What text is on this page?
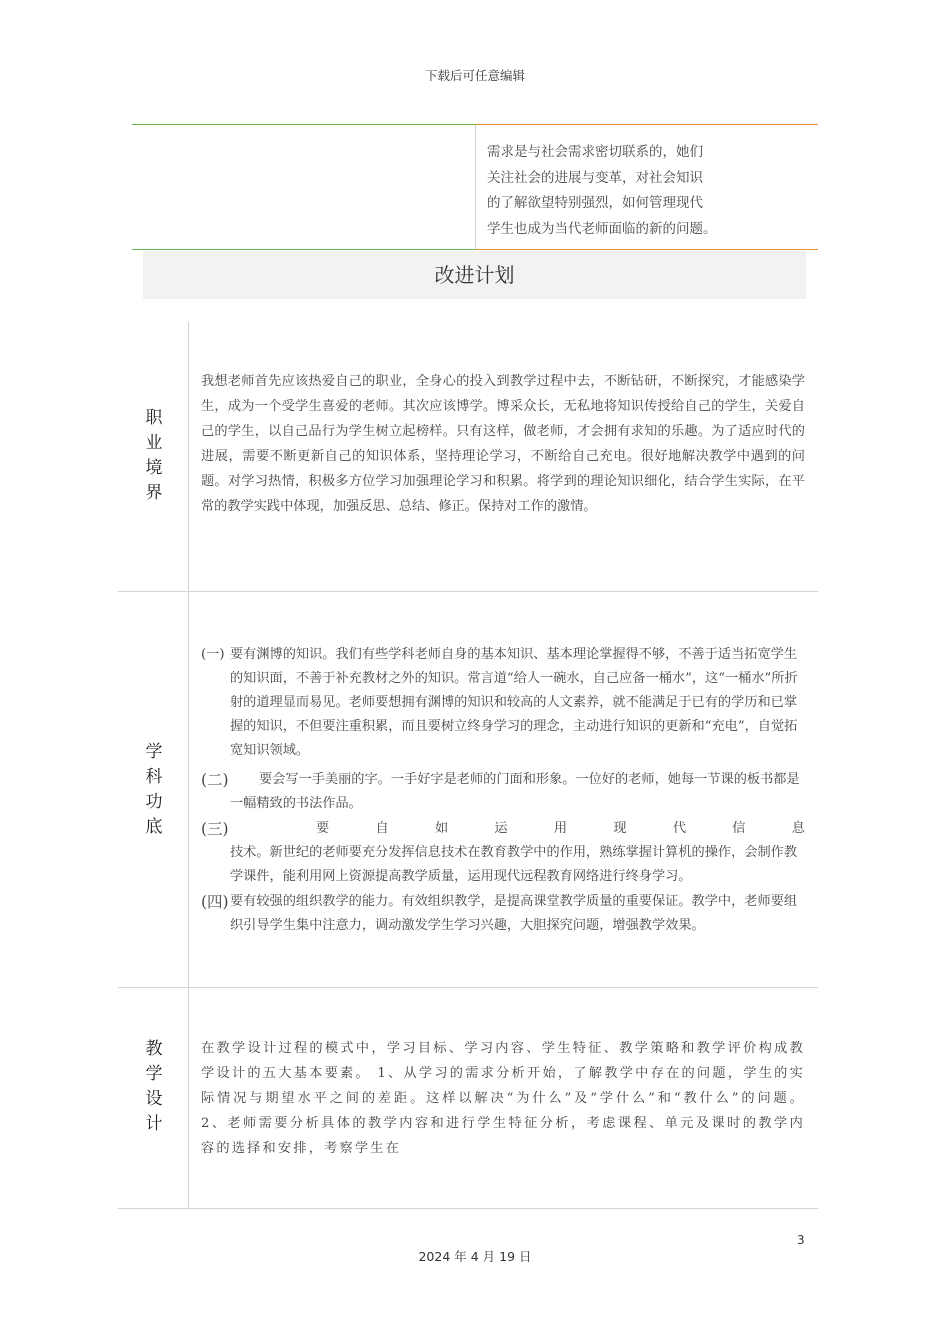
下载后可任意编辑
需求是与社会需求密切联系的，她们
关注社会的进展与变革，对社会知识
的了解欲望特别强烈，如何管理现代
学生也成为当代老师面临的新的问题。
改进计划
职
业
境
界
我想老师首先应该热爱自己的职业，全身心的投入到教学过程中去，不断钻研，不断探究，才能感染学生，成为一个受学生喜爱的老师。其次应该博学。博采众长，无私地将知识传授给自己的学生，关爱自己的学生，以自己品行为学生树立起榜样。只有这样，做老师，才会拥有求知的乐趣。为了适应时代的进展，需要不断更新自己的知识体系，坚持理论学习，不断给自己充电。很好地解决教学中遇到的问题。对学习热情，积极多方位学习加强理论学习和积累。将学到的理论知识细化，结合学生实际，在平常的教学实践中体现，加强反思、总结、修正。保持对工作的激情。
学
科
功
底
(一) 要有渊博的知识。我们有些学科老师自身的基本知识、基本理论掌握得不够，不善于适当拓宽学生的知识面，不善于补充教材之外的知识。常言道“给人一碗水，自己应备一桶水”，这“一桶水”所折射的道理显而易见。老师要想拥有渊博的知识和较高的人文素养，就不能满足于已有的学历和已掌握的知识，不但要注重积累，而且要树立终身学习的理念，主动进行知识的更新和“充电”，自觉拓宽知识领域。
(二)	要会写一手美丽的字。一手好字是老师的门面和形象。一位好的老师，她每一节课的板书都是一幅精致的书法作品。
(三)	要	自	如	运	用	现	代	信	息
技术。新世纪的老师要充分发挥信息技术在教育教学中的作用，熟练掌握计算机的操作，会制作教学课件，能利用网上资源提高教学质量，运用现代远程教育网络进行终身学习。
(四) 要有较强的组织教学的能力。有效组织教学，是提高课堂教学质量的重要保证。教学中，老师要组织引导学生集中注意力，调动激发学生学习兴趣，大胆探究问题，增强教学效果。
教
学
设
计
在教学设计过程的模式中，学习目标、学习内容、学生特征、教学策略和教学评价构成教学设计的五大基本要素。 1、从学习的需求分析开始，了解教学中存在的问题，学生的实际情况与期望水平之间的差距。这样以解决“为什么”及“学什么”和“教什么”的问题。 2、老师需要分析具体的教学内容和进行学生特征分析，考虑课程、单元及课时的教学内容的选择和安排，考察学生在
3
2024 年 4 月 19 日
